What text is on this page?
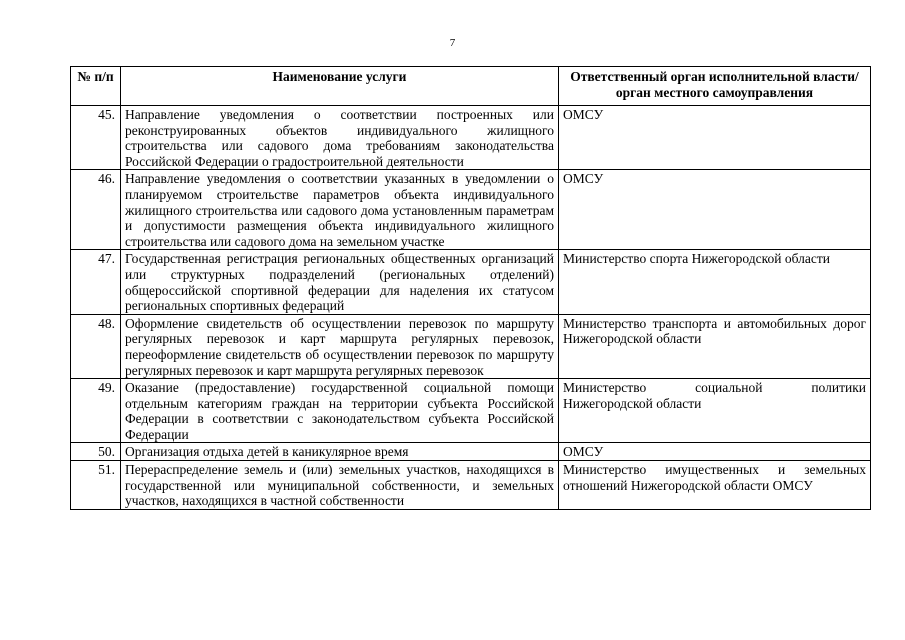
7
№ п/п	Наименование услуги	Ответственный орган исполнительной власти/орган местного самоуправления
45.	Направление уведомления о соответствии построенных или реконструированных объектов индивидуального жилищного строительства или садового дома требованиям законодательства Российской Федерации о градостроительной деятельности	ОМСУ
46.	Направление уведомления о соответствии указанных в уведомлении о планируемом строительстве параметров объекта индивидуального жилищного строительства или садового дома установленным параметрам и допустимости размещения объекта индивидуального жилищного строительства или садового дома на земельном участке	ОМСУ
47.	Государственная регистрация региональных общественных организаций или структурных подразделений (региональных отделений) общероссийской спортивной федерации для наделения их статусом региональных спортивных федераций	Министерство спорта Нижегородской области
48.	Оформление свидетельств об осуществлении перевозок по маршруту регулярных перевозок и карт маршрута регулярных перевозок, переоформление свидетельств об осуществлении перевозок по маршруту регулярных перевозок и карт маршрута регулярных перевозок	Министерство транспорта и автомобильных дорог Нижегородской области
49.	Оказание (предоставление) государственной социальной помощи отдельным категориям граждан на территории субъекта Российской Федерации в соответствии с законодательством субъекта Российской Федерации	Министерство социальной политики Нижегородской области
50.	Организация отдыха детей в каникулярное время	ОМСУ
51.	Перераспределение земель и (или) земельных участков, находящихся в государственной или муниципальной собственности, и земельных участков, находящихся в частной собственности	Министерство имущественных и земельных отношений Нижегородской области ОМСУ
